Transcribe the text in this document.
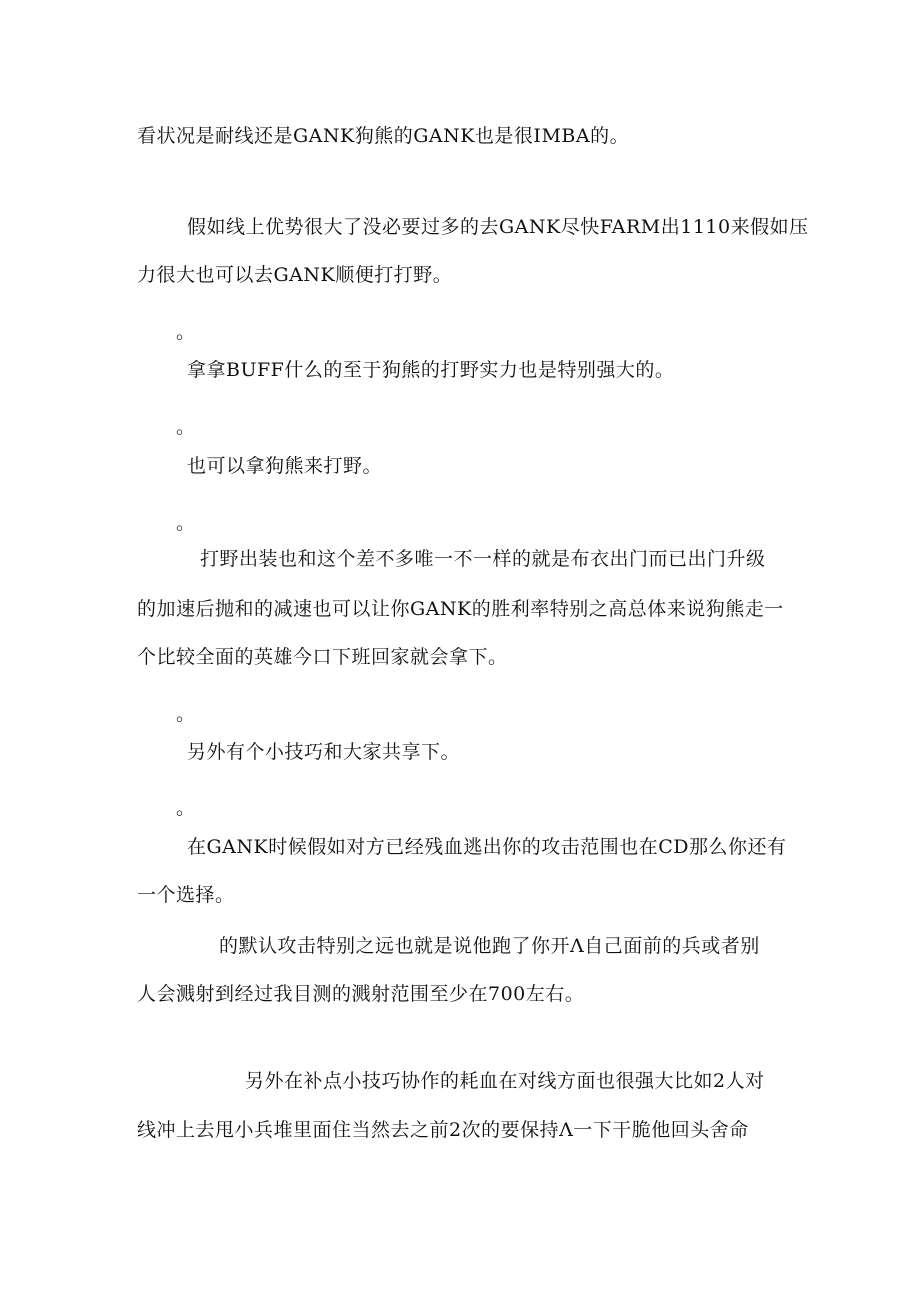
看状况是耐线还是GANK狗熊的GANK也是很IMBA的。
假如线上优势很大了没必要过多的去GANK尽快FARM出1110来假如压
力很大也可以去GANK顺便打打野。
。
拿拿BUFF什么的至于狗熊的打野实力也是特别强大的。
。
也可以拿狗熊来打野。
。
打野出装也和这个差不多唯一不一样的就是布衣出门而已出门升级
的加速后抛和的减速也可以让你GANK的胜利率特别之高总体来说狗熊走一
个比较全面的英雄今口下班回家就会拿下。
。
另外有个小技巧和大家共享下。
。
在GANK时候假如对方已经残血逃出你的攻击范围也在CD那么你还有
一个选择。
的默认攻击特别之远也就是说他跑了你开Λ自己面前的兵或者别
人会溅射到经过我目测的溅射范围至少在700左右。
另外在补点小技巧协作的耗血在对线方面也很强大比如2人对
线冲上去甩小兵堆里面住当然去之前2次的要保持Λ一下干脆他回头舍命
